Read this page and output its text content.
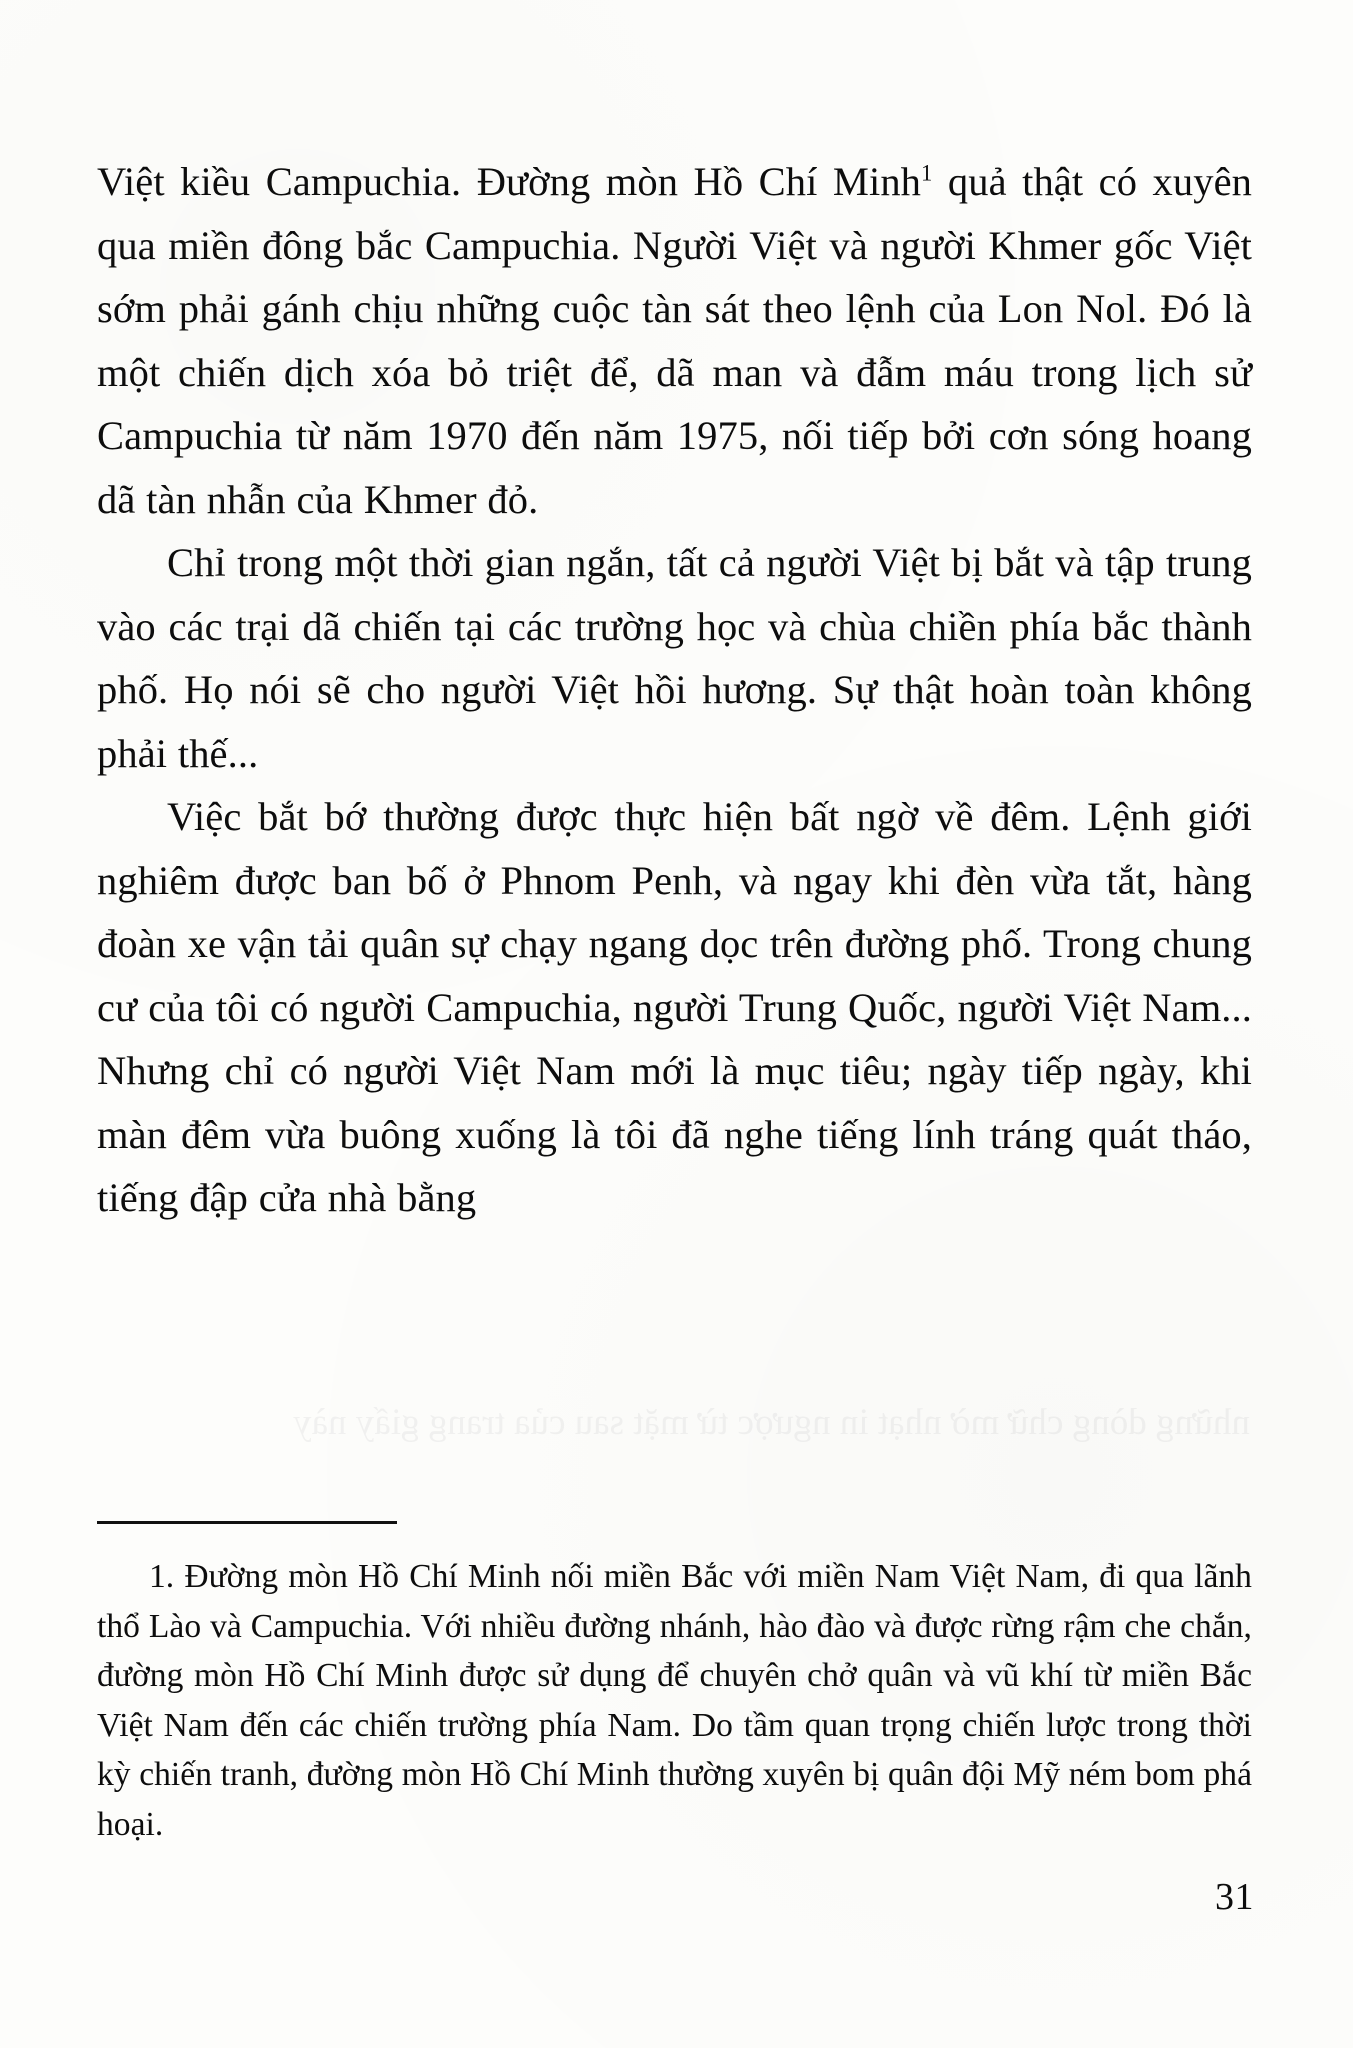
những dòng chữ mờ nhạt in ngược từ mặt sau của trang giấy này

Việt kiều Campuchia. Đường mòn Hồ Chí Minh$^1$ quả thật có xuyên qua miền đông bắc Campuchia. Người Việt và người Khmer gốc Việt sớm phải gánh chịu những cuộc tàn sát theo lệnh của Lon Nol. Đó là một chiến dịch xóa bỏ triệt để, dã man và đẫm máu trong lịch sử Campuchia từ năm 1970 đến năm 1975, nối tiếp bởi cơn sóng hoang dã tàn nhẫn của Khmer đỏ.

Chỉ trong một thời gian ngắn, tất cả người Việt bị bắt và tập trung vào các trại dã chiến tại các trường học và chùa chiền phía bắc thành phố. Họ nói sẽ cho người Việt hồi hương. Sự thật hoàn toàn không phải thế...

Việc bắt bớ thường được thực hiện bất ngờ về đêm. Lệnh giới nghiêm được ban bố ở Phnom Penh, và ngay khi đèn vừa tắt, hàng đoàn xe vận tải quân sự chạy ngang dọc trên đường phố. Trong chung cư của tôi có người Campuchia, người Trung Quốc, người Việt Nam... Nhưng chỉ có người Việt Nam mới là mục tiêu; ngày tiếp ngày, khi màn đêm vừa buông xuống là tôi đã nghe tiếng lính tráng quát tháo, tiếng đập cửa nhà bằng

1. Đường mòn Hồ Chí Minh nối miền Bắc với miền Nam Việt Nam, đi qua lãnh thổ Lào và Campuchia. Với nhiều đường nhánh, hào đào và được rừng rậm che chắn, đường mòn Hồ Chí Minh được sử dụng để chuyên chở quân và vũ khí từ miền Bắc Việt Nam đến các chiến trường phía Nam. Do tầm quan trọng chiến lược trong thời kỳ chiến tranh, đường mòn Hồ Chí Minh thường xuyên bị quân đội Mỹ ném bom phá hoại.

31
